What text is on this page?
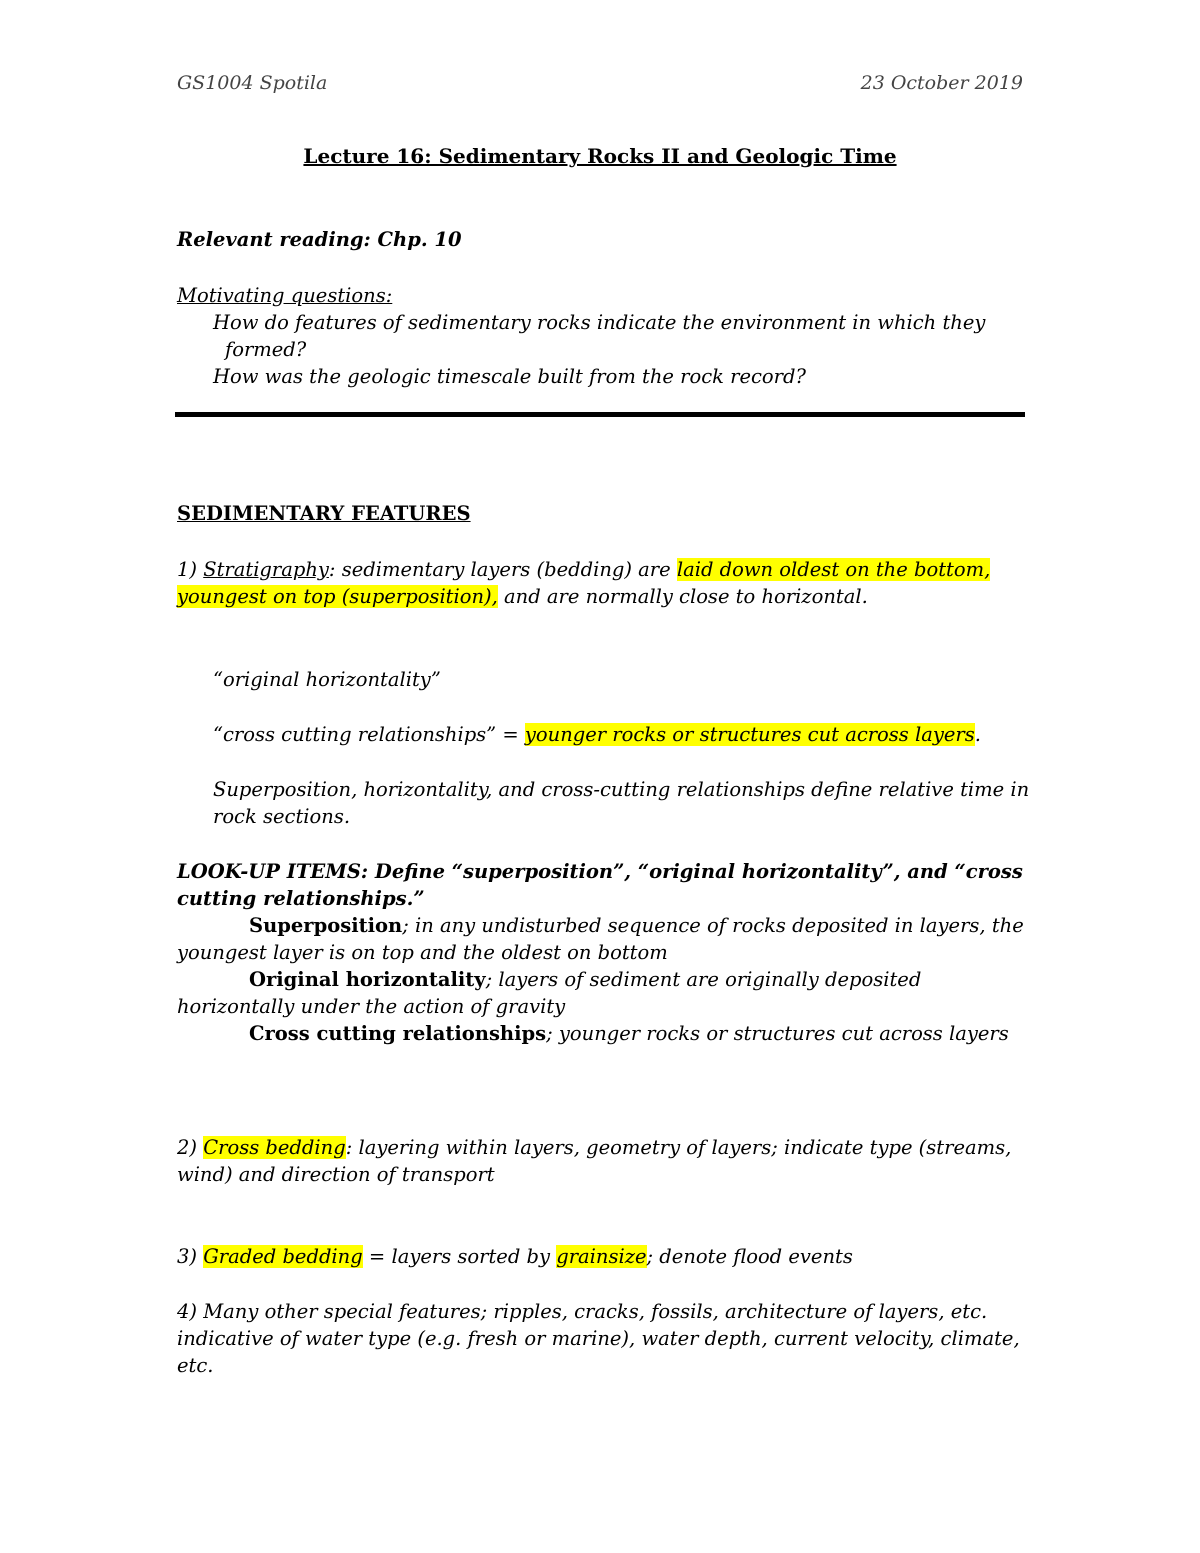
GS1004 Spotila	23 October 2019
Lecture 16: Sedimentary Rocks II and Geologic Time
Relevant reading: Chp. 10
Motivating questions:
How do features of sedimentary rocks indicate the environment in which they
formed?
How was the geologic timescale built from the rock record?
SEDIMENTARY FEATURES
1) Stratigraphy: sedimentary layers (bedding) are laid down oldest on the bottom,
youngest on top (superposition), and are normally close to horizontal.
“original horizontality”
“cross cutting relationships” = younger rocks or structures cut across layers.
Superposition, horizontality, and cross-cutting relationships define relative time in
rock sections.
LOOK-UP ITEMS: Define “superposition”, “original horizontality”, and “cross
cutting relationships.”
Superposition; in any undisturbed sequence of rocks deposited in layers, the
youngest layer is on top and the oldest on bottom
Original horizontality; layers of sediment are originally deposited
horizontally under the action of gravity
Cross cutting relationships; younger rocks or structures cut across layers
2) Cross bedding: layering within layers, geometry of layers; indicate type (streams,
wind) and direction of transport
3) Graded bedding = layers sorted by grainsize; denote flood events
4) Many other special features; ripples, cracks, fossils, architecture of layers, etc.
indicative of water type (e.g. fresh or marine), water depth, current velocity, climate,
etc.
